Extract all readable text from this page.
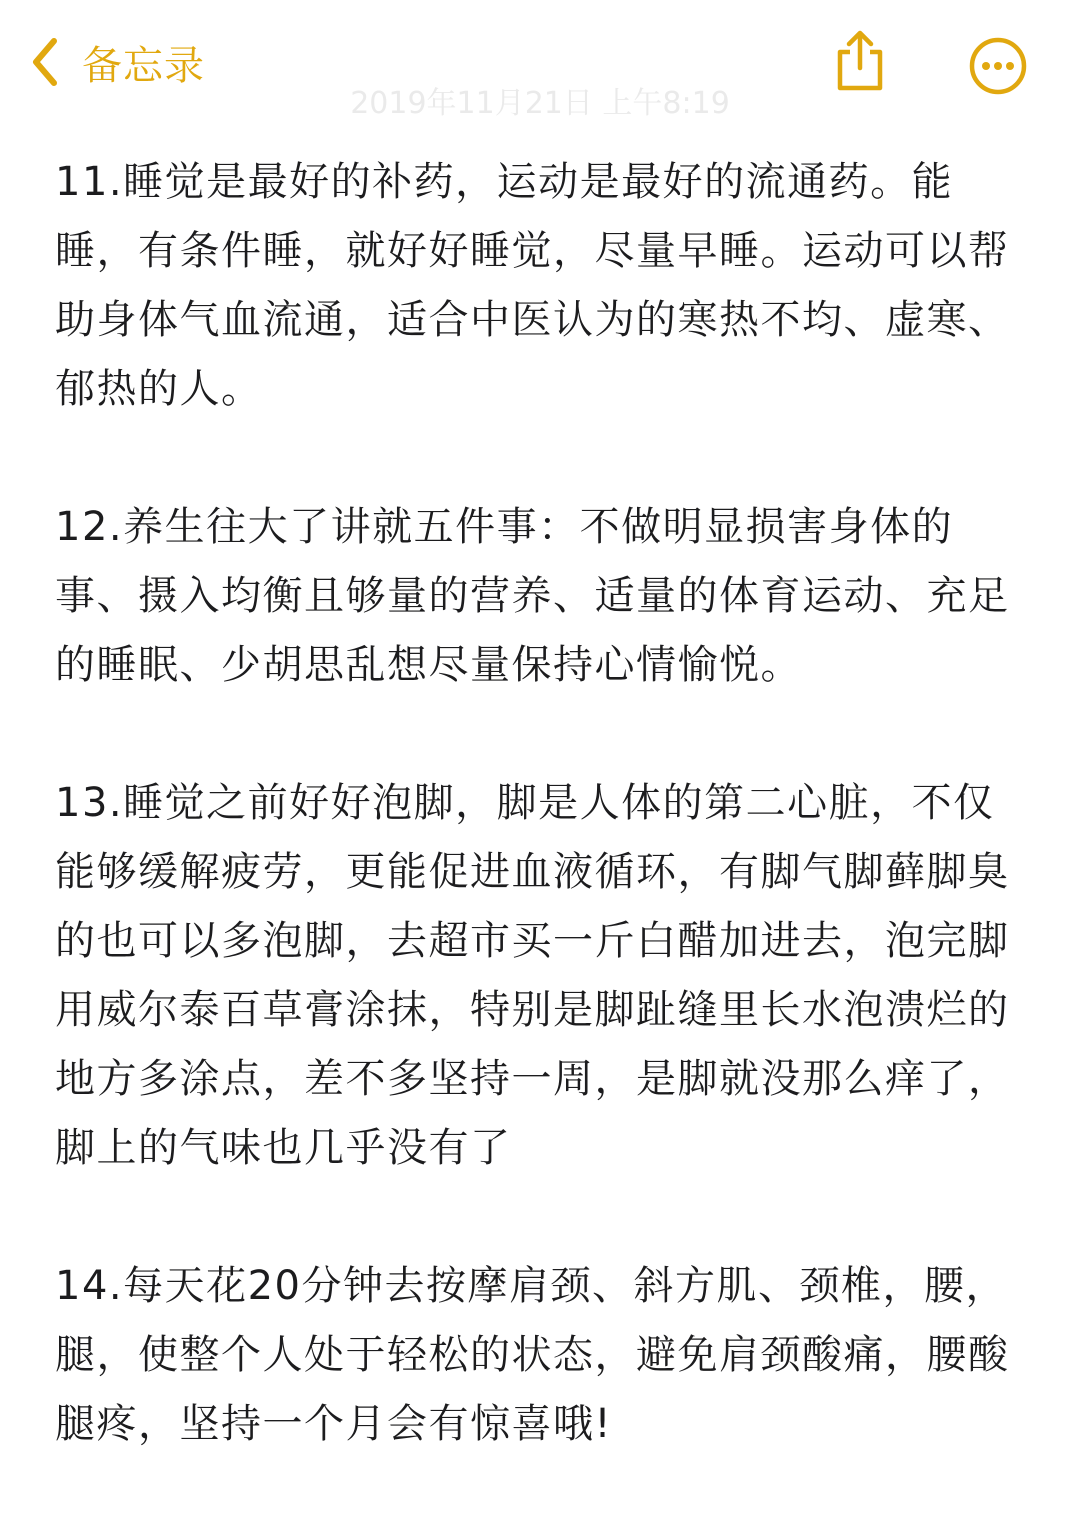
备忘录
2019年11月21日 上午8:19

11.睡觉是最好的补药，运动是最好的流通药。能睡，有条件睡，就好好睡觉，尽量早睡。运动可以帮助身体气血流通，适合中医认为的寒热不均、虚寒、郁热的人。

12.养生往大了讲就五件事：不做明显损害身体的事、摄入均衡且够量的营养、适量的体育运动、充足的睡眠、少胡思乱想尽量保持心情愉悦。

13.睡觉之前好好泡脚，脚是人体的第二心脏，不仅能够缓解疲劳，更能促进血液循环，有脚气脚藓脚臭的也可以多泡脚，去超市买一斤白醋加进去，泡完脚用威尔泰百草膏涂抹，特别是脚趾缝里长水泡溃烂的地方多涂点，差不多坚持一周，是脚就没那么痒了，脚上的气味也几乎没有了

14.每天花20分钟去按摩肩颈、斜方肌、颈椎，腰，腿，使整个人处于轻松的状态，避免肩颈酸痛，腰酸腿疼，坚持一个月会有惊喜哦!
